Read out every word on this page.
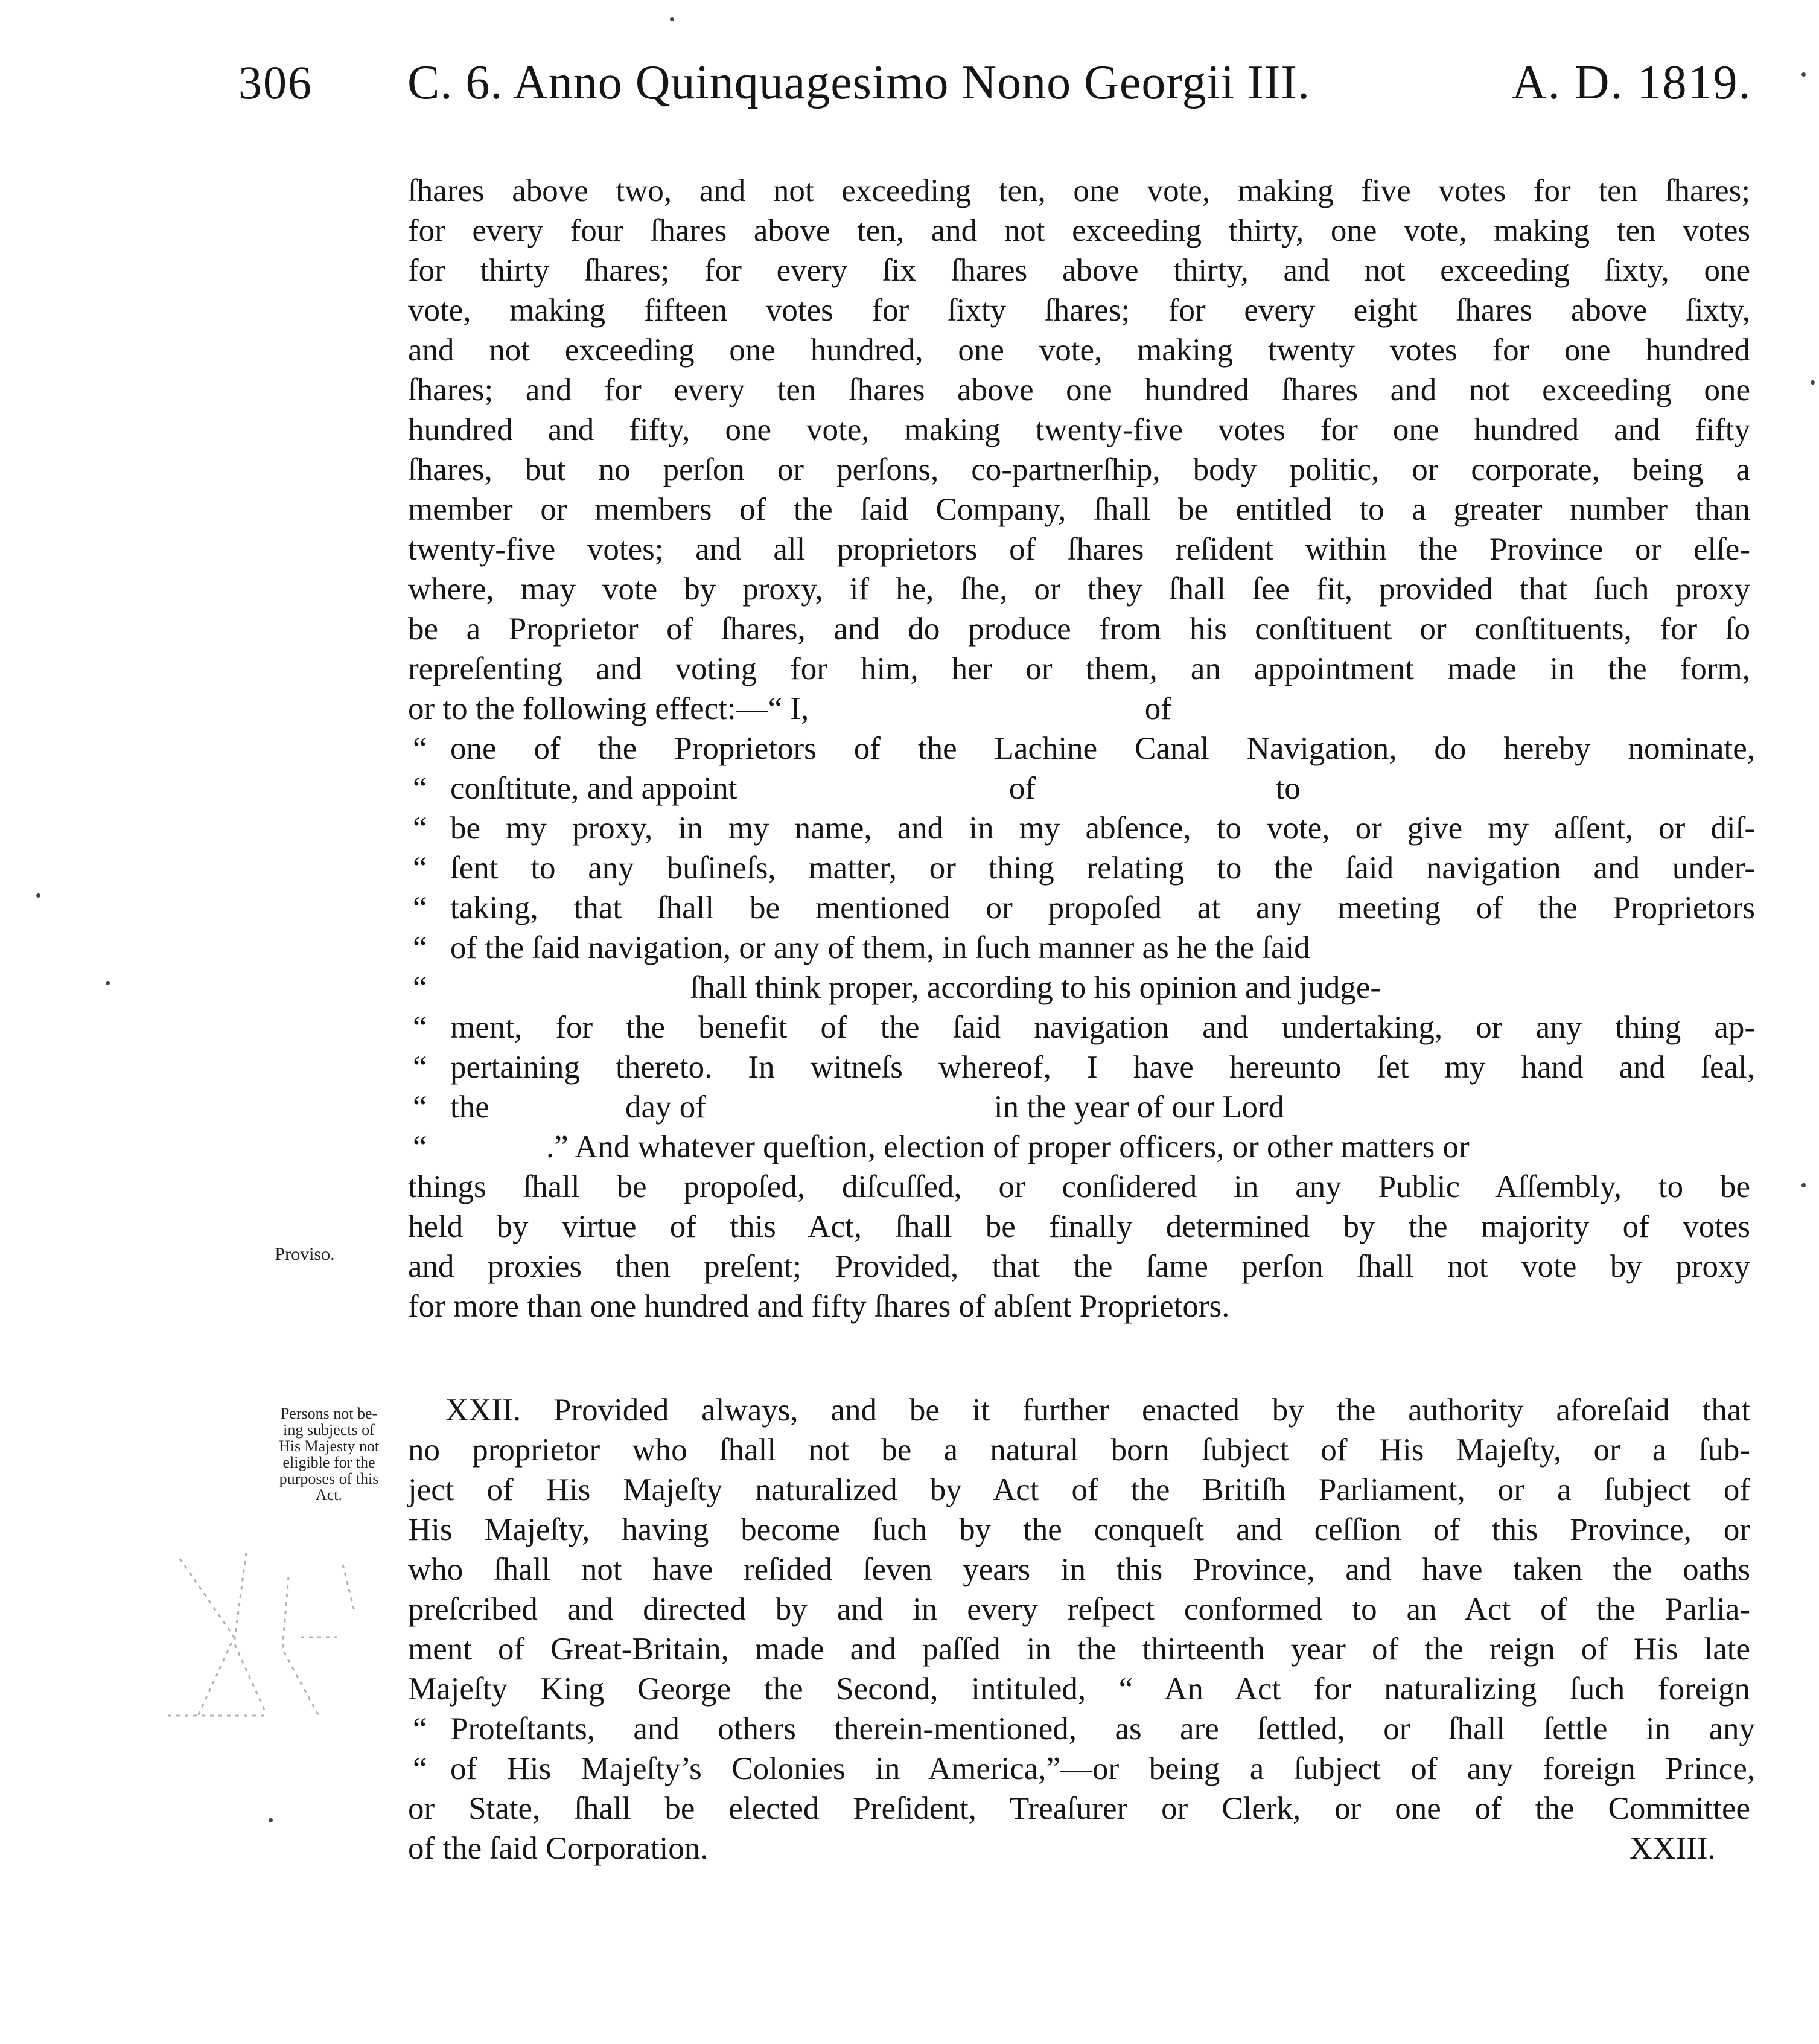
306 C. 6. Anno Quinquagesimo Nono Georgii III.	A. D. 1819.
ſhares above two, and not exceeding ten, one vote, making five votes for ten ſhares;
for every four ſhares above ten, and not exceeding thirty, one vote, making ten votes
for thirty ſhares; for every ſix ſhares above thirty, and not exceeding ſixty, one
vote, making fifteen votes for ſixty ſhares; for every eight ſhares above ſixty,
and not exceeding one hundred, one vote, making twenty votes for one hundred
ſhares; and for every ten ſhares above one hundred ſhares and not exceeding one
hundred and fifty, one vote, making twenty-five votes for one hundred and fifty
ſhares, but no perſon or perſons, co-partnerſhip, body politic, or corporate, being a
member or members of the ſaid Company, ſhall be entitled to a greater number than
twenty-five votes; and all proprietors of ſhares reſident within the Province or elſe-
where, may vote by proxy, if he, ſhe, or they ſhall ſee fit, provided that ſuch proxy
be a Proprietor of ſhares, and do produce from his conſtituent or conſtituents, for ſo
repreſenting and voting for him, her or them, an appointment made in the form,
or to the following effect:—“ I,                                          of
“ one of the Proprietors of the Lachine Canal Navigation, do hereby nominate,
“ conſtitute, and appoint                                  of                              to
“ be my proxy, in my name, and in my abſence, to vote, or give my aſſent, or diſ-
“ ſent to any buſineſs, matter, or thing relating to the ſaid navigation and under-
“ taking, that ſhall be mentioned or propoſed at any meeting of the Proprietors
“ of the ſaid navigation, or any of them, in ſuch manner as he the ſaid
“                              ſhall think proper, according to his opinion and judge-
“ ment, for the benefit of the ſaid navigation and undertaking, or any thing ap-
“ pertaining thereto. In witneſs whereof, I have hereunto ſet my hand and ſeal,
“ the                 day of                                    in the year of our Lord
“            .” And whatever queſtion, election of proper officers, or other matters or
things ſhall be propoſed, diſcuſſed, or conſidered in any Public Aſſembly, to be
held by virtue of this Act, ſhall be finally determined by the majority of votes
and proxies then preſent; Provided, that the ſame perſon ſhall not vote by proxy
for more than one hundred and fifty ſhares of abſent Proprietors.
XXII. Provided always, and be it further enacted by the authority aforeſaid that
no proprietor who ſhall not be a natural born ſubject of His Majeſty, or a ſub-
ject of His Majeſty naturalized by Act of the Britiſh Parliament, or a ſubject of
His Majeſty, having become ſuch by the conqueſt and ceſſion of this Province, or
who ſhall not have reſided ſeven years in this Province, and have taken the oaths
preſcribed and directed by and in every reſpect conformed to an Act of the Parlia-
ment of Great-Britain, made and paſſed in the thirteenth year of the reign of His late
Majeſty King George the Second, intituled, “ An Act for naturalizing ſuch foreign
“ Proteſtants, and others therein-mentioned, as are ſettled, or ſhall ſettle in any
“ of His Majeſty’s Colonies in America,”—or being a ſubject of any foreign Prince,
or State, ſhall be elected Preſident, Treaſurer or Clerk, or one of the Committee
of the ſaid Corporation.	XXIII.
Proviso.
Persons not be-
ing subjects of
His Majesty not
eligible for the
purposes of this
Act.
